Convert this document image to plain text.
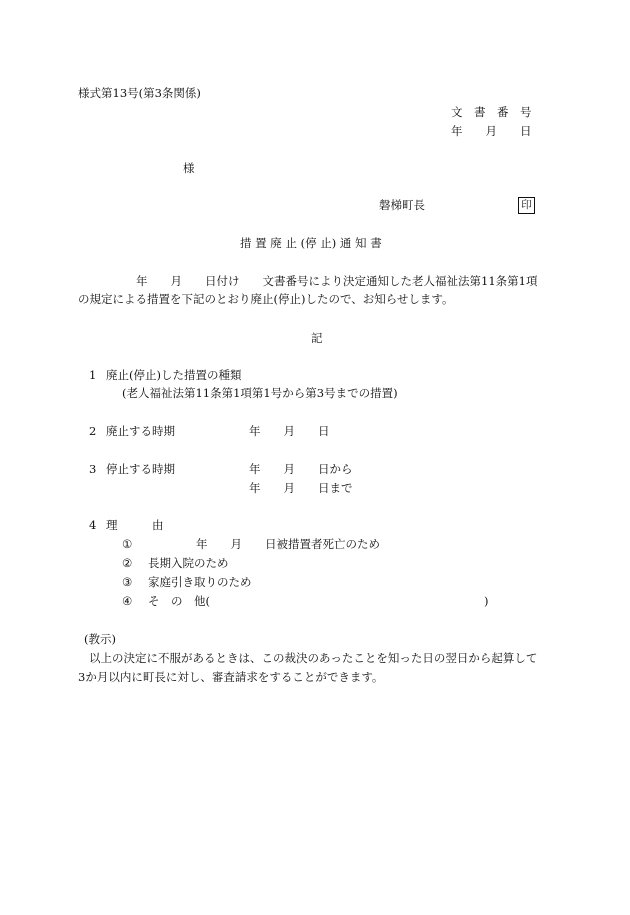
様式第13号(第3条関係)
文　書　番　号
年　　月　　日
様
磐梯町長	印
措 置 廃 止 (停 止) 通 知 書
年　　月　　日付け　　文書番号により決定通知した老人福祉法第11条第1項
の規定による措置を下記のとおり廃止(停止)したので、お知らせします。
記
1 廃止(停止)した措置の種類
(老人福祉法第11条第1項第1号から第3号までの措置)
2 廃止する時期	年　　月　　日
3 停止する時期	年　　月　　日から
年　　月　　日まで
4 理　　　由
①	年　　月　　日被措置者死亡のため
② 長期入院のため
③ 家庭引き取りのため
④ そ　の　他(	)
(教示)
以上の決定に不服があるときは、この裁決のあったことを知った日の翌日から起算して
3か月以内に町長に対し、審査請求をすることができます。
